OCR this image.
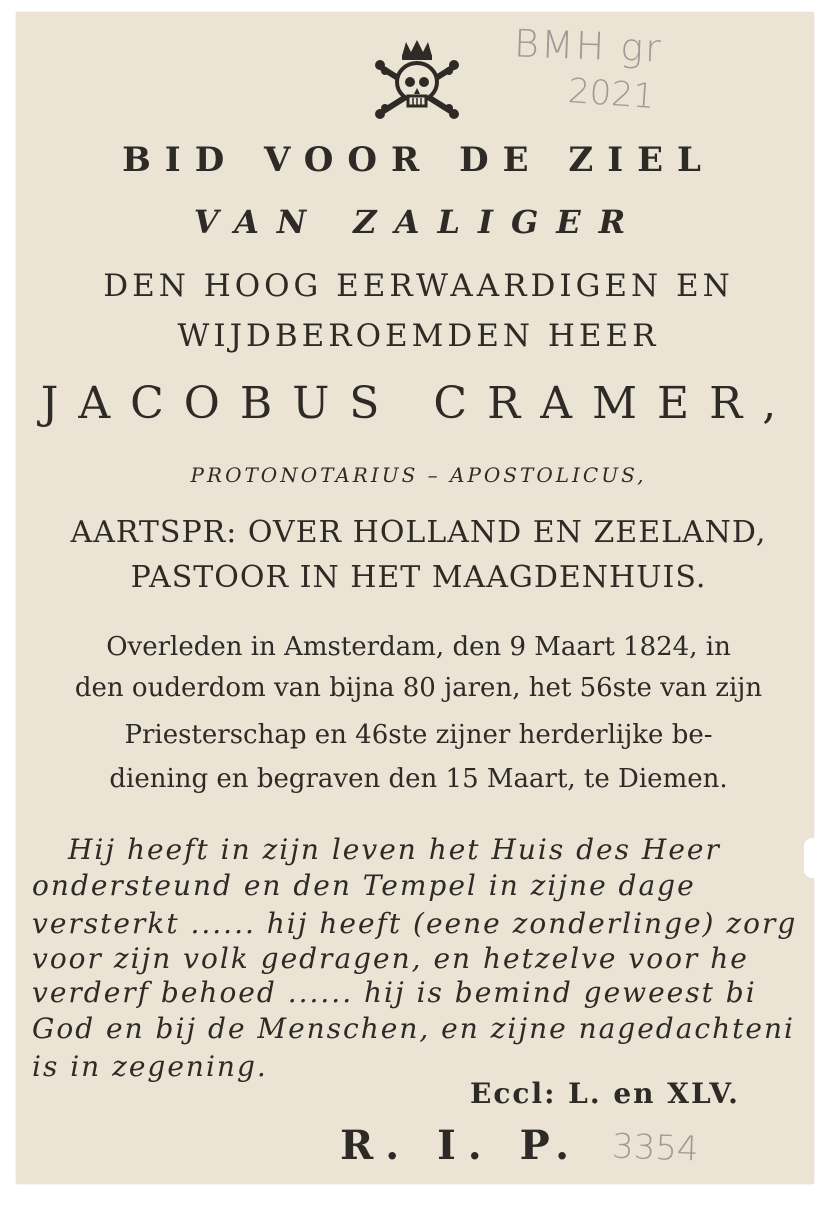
BMH gr
2021
3354
BID VOOR DE ZIEL
VAN ZALIGER
DEN HOOG EERWAARDIGEN EN
WIJDBEROEMDEN HEER
JACOBUS CRAMER,
PROTONOTARIUS – APOSTOLICUS,
AARTSPR: OVER HOLLAND EN ZEELAND,
PASTOOR IN HET MAAGDENHUIS.
Overleden in Amsterdam, den 9 Maart 1824, in
den ouderdom van bijna 80 jaren, het 56ste van zijn
Priesterschap en 46ste zijner herderlijke be-
diening en begraven den 15 Maart, te Diemen.
Hij heeft in zijn leven het Huis des Heer
ondersteund en den Tempel in zijne dage
versterkt ...... hij heeft (eene zonderlinge) zorg
voor zijn volk gedragen, en hetzelve voor he
verderf behoed ...... hij is bemind geweest bi
God en bij de Menschen, en zijne nagedachteni
is in zegening.
Eccl: L. en XLV.
R. I. P.
